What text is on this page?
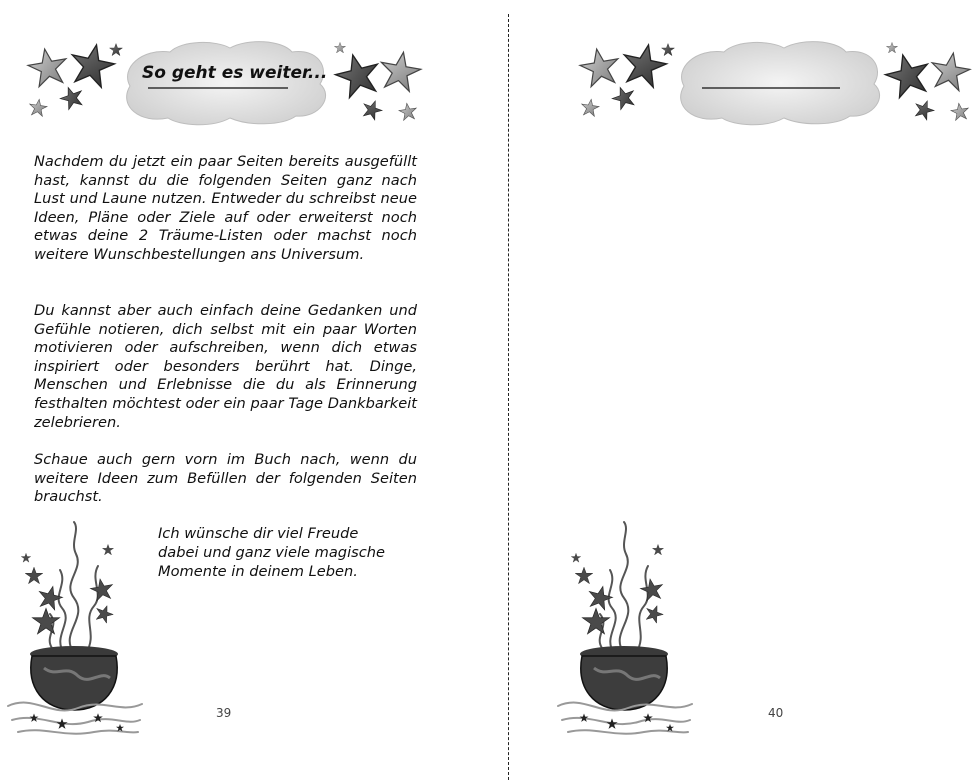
So geht es weiter...

Nachdem du jetzt ein paar Seiten bereits ausgefüllt hast, kannst du die folgenden Seiten ganz nach Lust und Laune nutzen. Entweder du schreibst neue Ideen, Pläne oder Ziele auf oder erweiterst noch etwas deine 2 Träume-Listen oder machst noch weitere Wunschbestellungen ans Universum.

Du kannst aber auch einfach deine Gedanken und Gefühle notieren, dich selbst mit ein paar Worten motivieren oder aufschreiben, wenn dich etwas inspiriert oder besonders berührt hat. Dinge, Menschen und Erlebnisse die du als Erinnerung festhalten möchtest oder ein paar Tage Dankbarkeit zelebrieren.

Schaue auch gern vorn im Buch nach, wenn du weitere Ideen zum Befüllen der folgenden Seiten brauchst.

Ich wünsche dir viel Freude
dabei und ganz viele magische
Momente in deinem Leben.
39	40
